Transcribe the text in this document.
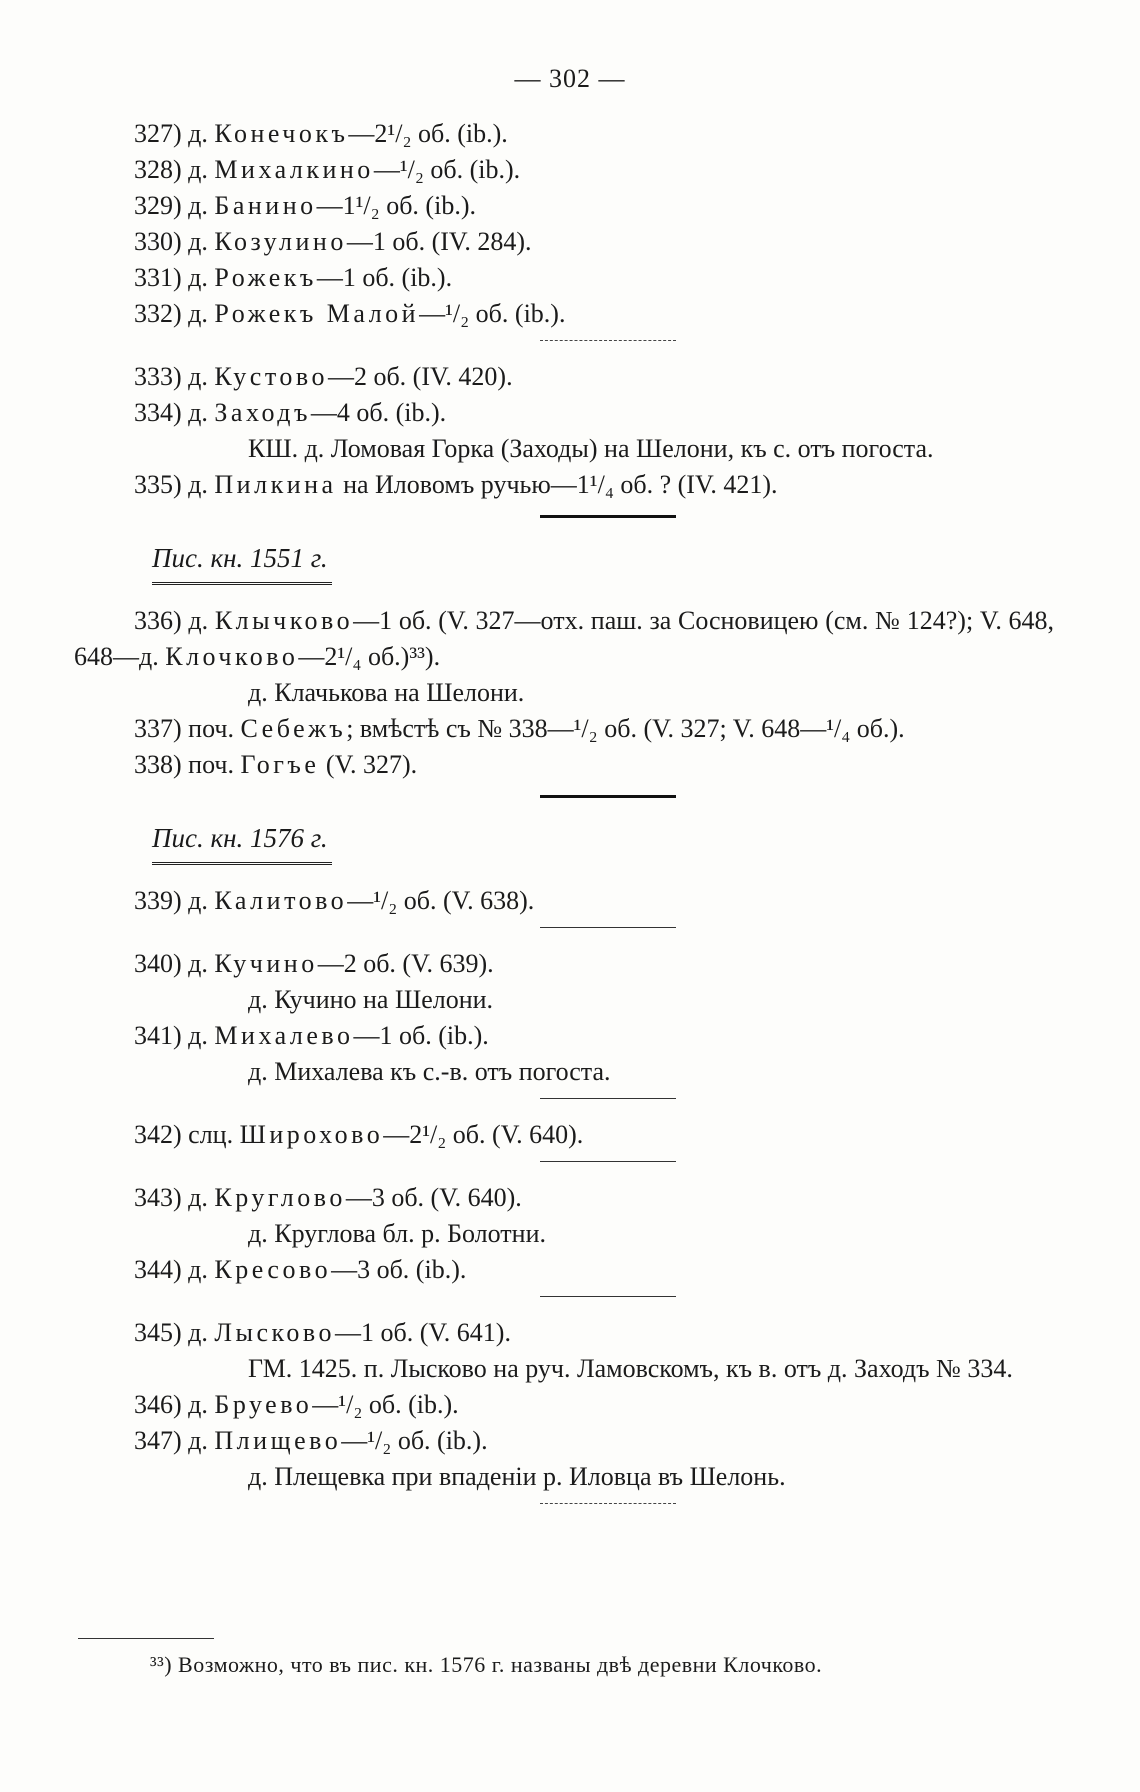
— 302 —
327) д. Конечокъ—2¹/₂ об. (ib.).
328) д. Михалкино—¹/₂ об. (ib.).
329) д. Банино—1¹/₂ об. (ib.).
330) д. Козулино—1 об. (IV. 284).
331) д. Рожекъ—1 об. (ib.).
332) д. Рожекъ Малой—¹/₂ об. (ib.).
333) д. Кустово—2 об. (IV. 420).
334) д. Заходъ—4 об. (ib.).
КШ. д. Ломовая Горка (Заходы) на Шелони, къ с. отъ погоста.
335) д. Пилкина на Иловомъ ручью—1¹/₄ об. ? (IV. 421).
Пис. кн. 1551 г.
336) д. Клычково—1 об. (V. 327—отх. паш. за Сосновицею (см. № 124?); V. 648, 648—д. Клочково—2¹/₄ об.)³³).
д. Клачькова на Шелони.
337) поч. Себежъ; вмѣстѣ съ № 338—¹/₂ об. (V. 327; V. 648—¹/₄ об.).
338) поч. Гогъе (V. 327).
Пис. кн. 1576 г.
339) д. Калитово—¹/₂ об. (V. 638).
340) д. Кучино—2 об. (V. 639).
д. Кучино на Шелони.
341) д. Михалево—1 об. (ib.).
д. Михалева къ с.-в. отъ погоста.
342) слц. Широхово—2¹/₂ об. (V. 640).
343) д. Круглово—3 об. (V. 640).
д. Круглова бл. р. Болотни.
344) д. Кресово—3 об. (ib.).
345) д. Лысково—1 об. (V. 641).
ГМ. 1425. п. Лысково на руч. Ламовскомъ, къ в. отъ д. Заходъ № 334.
346) д. Бруево—¹/₂ об. (ib.).
347) д. Плищево—¹/₂ об. (ib.).
д. Плещевка при впаденіи р. Иловца въ Шелонь.
³³) Возможно, что въ пис. кн. 1576 г. названы двѣ деревни Клочково.
